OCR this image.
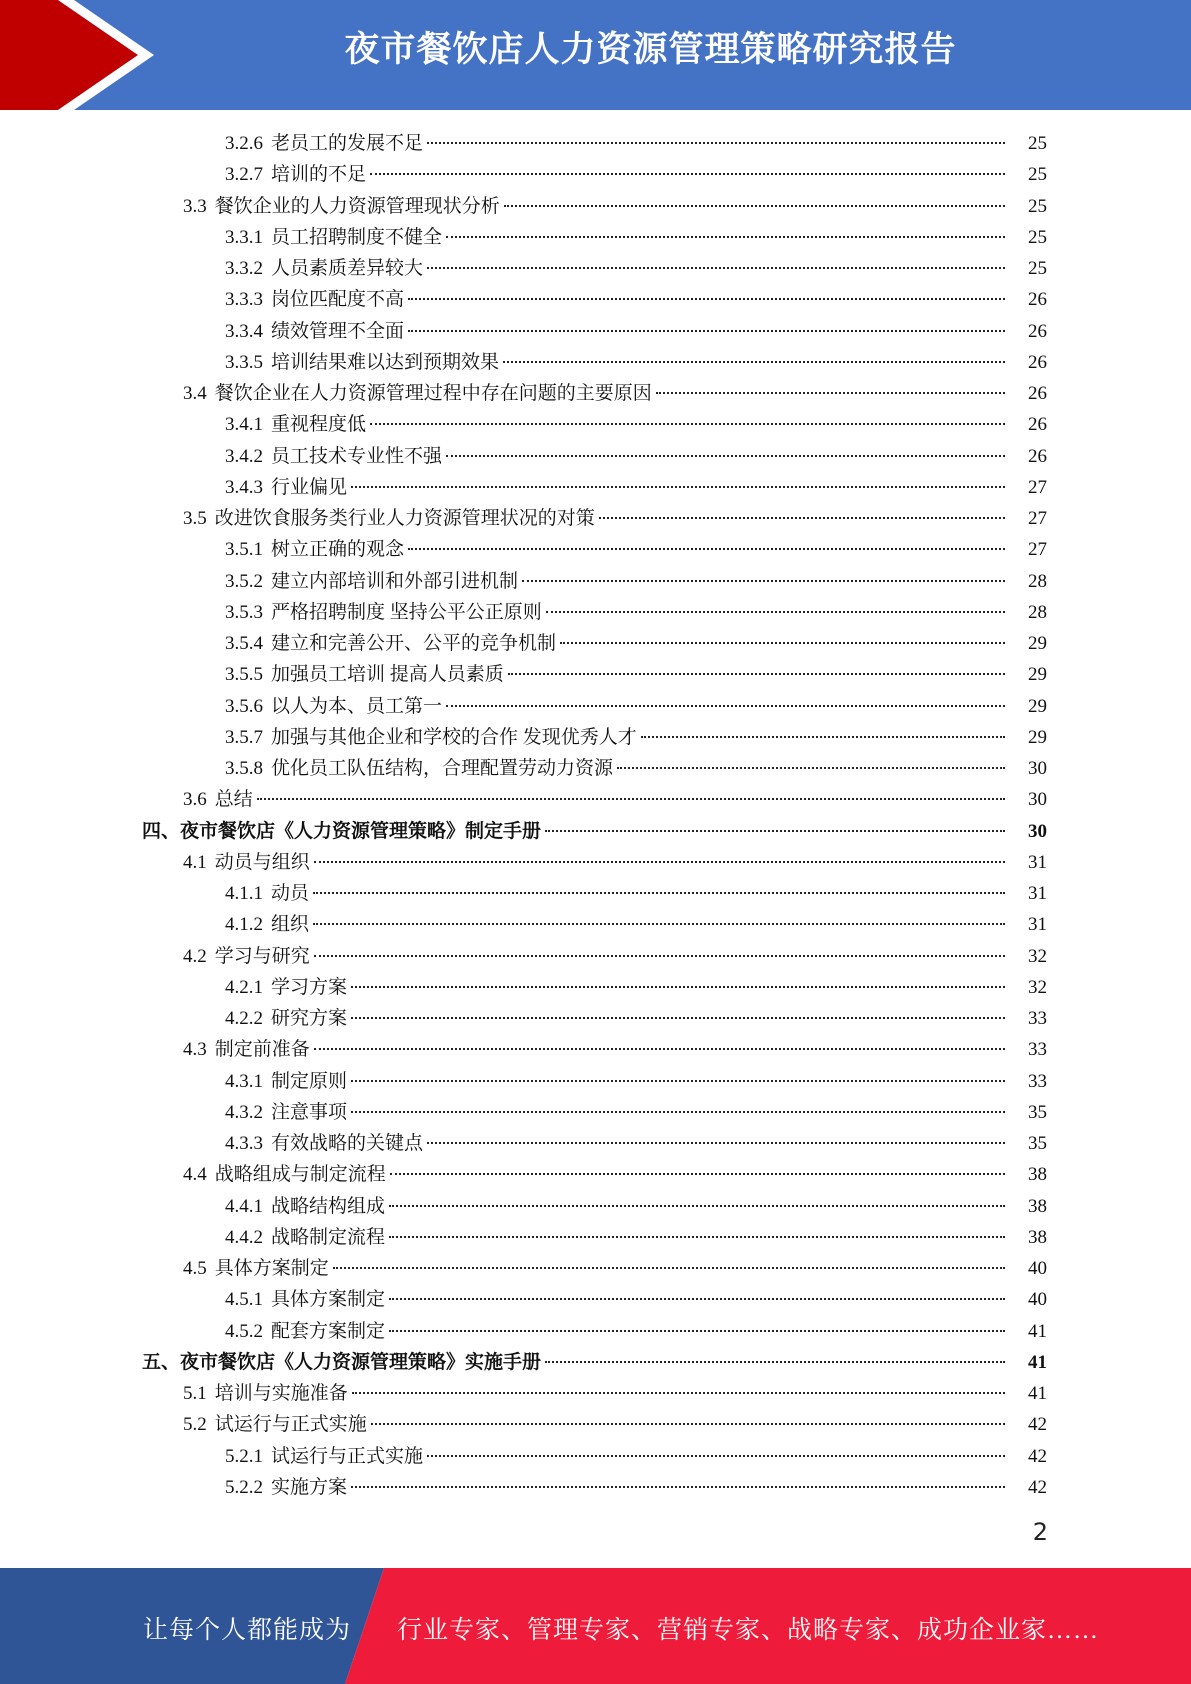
夜市餐饮店人力资源管理策略研究报告
3.2.6 老员工的发展不足	25
3.2.7 培训的不足	25
3.3 餐饮企业的人力资源管理现状分析	25
3.3.1 员工招聘制度不健全	25
3.3.2 人员素质差异较大	25
3.3.3 岗位匹配度不高	26
3.3.4 绩效管理不全面	26
3.3.5 培训结果难以达到预期效果	26
3.4 餐饮企业在人力资源管理过程中存在问题的主要原因	26
3.4.1 重视程度低	26
3.4.2 员工技术专业性不强	26
3.4.3 行业偏见	27
3.5 改进饮食服务类行业人力资源管理状况的对策	27
3.5.1 树立正确的观念	27
3.5.2 建立内部培训和外部引进机制	28
3.5.3 严格招聘制度 坚持公平公正原则	28
3.5.4 建立和完善公开、公平的竞争机制	29
3.5.5 加强员工培训 提高人员素质	29
3.5.6 以人为本、员工第一	29
3.5.7 加强与其他企业和学校的合作 发现优秀人才	29
3.5.8 优化员工队伍结构，合理配置劳动力资源	30
3.6 总结	30
四、夜市餐饮店《人力资源管理策略》制定手册	30
4.1 动员与组织	31
4.1.1 动员	31
4.1.2 组织	31
4.2 学习与研究	32
4.2.1 学习方案	32
4.2.2 研究方案	33
4.3 制定前准备	33
4.3.1 制定原则	33
4.3.2 注意事项	35
4.3.3 有效战略的关键点	35
4.4 战略组成与制定流程	38
4.4.1 战略结构组成	38
4.4.2 战略制定流程	38
4.5 具体方案制定	40
4.5.1 具体方案制定	40
4.5.2 配套方案制定	41
五、夜市餐饮店《人力资源管理策略》实施手册	41
5.1 培训与实施准备	41
5.2 试运行与正式实施	42
5.2.1 试运行与正式实施	42
5.2.2 实施方案	42
2
让每个人都能成为 行业专家、管理专家、营销专家、战略专家、成功企业家……
